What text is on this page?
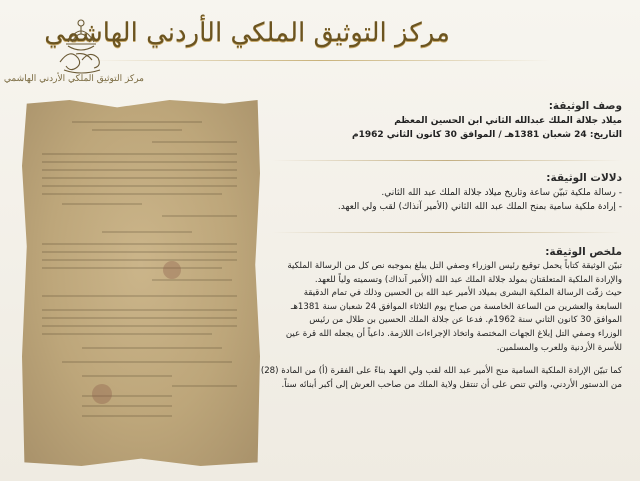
مركز التوثيق الملكي الأردني الهاشمي
مركز التوثيق الملكي الأردني الهاشمي
وصف الوثيقة:
ميلاد جلالة الملك عبدالله الثاني ابن الحسين المعظم
التاريخ: 24 شعبان 1381هـ / الموافق 30 كانون الثاني 1962م
دلالات الوثيقة:
- رسالة ملكية تبيّن ساعة وتاريخ ميلاد جلالة الملك عبد الله الثاني.
- إرادة ملكية سامية بمنح الملك عبد الله الثاني (الأمير آنذاك) لقب ولي العهد.
ملخص الوثيقة:
تبيّن الوثيقة كتاباً يحمل توقيع رئيس الوزراء وصفي التل يبلغ بموجبه نص كل من الرسالة الملكية
والإرادة الملكية المتعلقتان بمولد جلالة الملك عبد الله (الأمير آنذاك) وتسميته ولياً للعهد.
حيث زفّت الرسالة الملكية البشرى بميلاد الأمير عبد الله بن الحسين وذلك في تمام الدقيقة
السابعة والعشرين من الساعة الخامسة من صباح يوم الثلاثاء الموافق 24 شعبان سنة 1381هـ
الموافق 30 كانون الثاني سنة 1962م. فدعا عن جلالة الملك الحسين بن طلال من رئيس
الوزراء وصفي التل إبلاغ الجهات المختصة واتخاذ الإجراءات اللازمة. داعياً أن يجعله الله قرة عين
للأسرة الأردنية وللعرب والمسلمين.
كما تبيّن الإرادة الملكية السامية منح الأمير عبد الله لقب ولي العهد بناءً على الفقرة (أ) من المادة (28)
من الدستور الأردني، والتي تنص على أن تنتقل ولاية الملك من صاحب العرش إلى أكبر أبنائه سناً.
